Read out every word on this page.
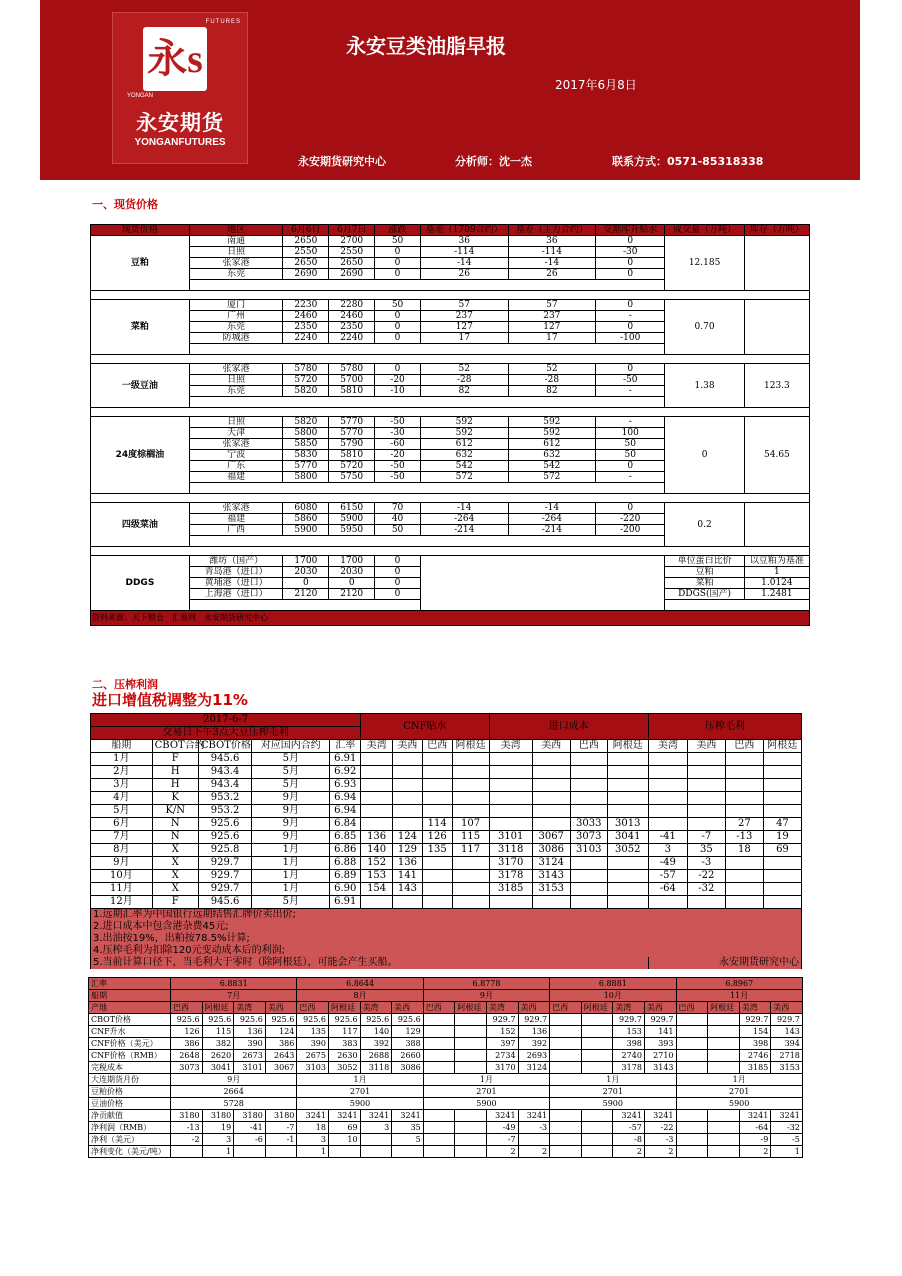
FUTURES
永s
YONGAN
永安期货
YONGANFUTURES
永安豆类油脂早报
2017年6月8日
永安期货研究中心	分析师：沈一杰	联系方式：0571-85318338
一、现货价格
现货价格	地区	6月6日	6月7日	涨跌	基差（1709合约）	基差（主力合约）	交割库升贴水	成交量（万吨）	库存（万吨）
豆粕	南通	2650	2700	50	36	36	0	12.185	
	日照	2550	2550	0	-114	-114	-30		
	张家港	2650	2650	0	-14	-14	0		
	东莞	2690	2690	0	26	26	0		

菜粕	厦门	2230	2280	50	57	57	0	0.70	
	广州	2460	2460	0	237	237	-		
	东莞	2350	2350	0	127	127	0		
	防城港	2240	2240	0	17	17	-100		

一级豆油	张家港	5780	5780	0	52	52	0	1.38	123.3
	日照	5720	5700	-20	-28	-28	-50		
	东莞	5820	5810	-10	82	82	-		

24度棕榈油	日照	5820	5770	-50	592	592	-	0	54.65
	天津	5800	5770	-30	592	592	100		
	张家港	5850	5790	-60	612	612	50		
	宁波	5830	5810	-20	632	632	50		
	广东	5770	5720	-50	542	542	0		
	福建	5800	5750	-50	572	572	-		

四级菜油	张家港	6080	6150	70	-14	-14	0	0.2	
	福建	5860	5900	40	-264	-264	-220		
	广西	5900	5950	50	-214	-214	-200		

DDGS	潍坊（国产）	1700	1700	0				单位蛋白比价	以豆粕为基准
	青岛港（进口）	2030	2030	0				豆粕	1
	黄埔港（进口）	0	0	0				菜粕	1.0124
	上海港（进口）	2120	2120	0				DDGS(国产)	1.2481

资料来源：天下粮仓　汇易网　永安期货研究中心									
二、压榨利润
进口增值税调整为11%
2017-6-7					CNF贴水				进口成本				压榨毛利			
交易日下午3点大豆压榨毛利																
船期	CBOT合约	CBOT价格	对应国内合约	汇率	美湾	美西	巴西	阿根廷	美湾	美西	巴西	阿根廷	美湾	美西	巴西	阿根廷
1月	F	945.6	5月	6.91												
2月	H	943.4	5月	6.92												
3月	H	943.4	5月	6.93												
4月	K	953.2	9月	6.94												
5月	K/N	953.2	9月	6.94												
6月	N	925.6	9月	6.84			114	107			3033	3013			27	47
7月	N	925.6	9月	6.85	136	124	126	115	3101	3067	3073	3041	-41	-7	-13	19
8月	X	925.8	1月	6.86	140	129	135	117	3118	3086	3103	3052	3	35	18	69
9月	X	929.7	1月	6.88	152	136			3170	3124			-49	-3		
10月	X	929.7	1月	6.89	153	141			3178	3143			-57	-22		
11月	X	929.7	1月	6.90	154	143			3185	3153			-64	-32		
12月	F	945.6	5月	6.91												
1.远期汇率为中国银行远期结售汇牌价卖出价;																
2.进口成本中包含港杂费45元;																
3.出油按19%，出粕按78.5%计算;																
4.压榨毛利为扣除120元变动成本后的利润;																
5.当前计算口径下，当毛利大于零时（除阿根廷），可能会产生买船。													永安期货研究中心			
汇率	6.8831				6.8644				6.8778				6.8881				6.8967			
船期	7月				8月				9月				10月				11月			
产地	巴西	阿根廷	美湾	美西	巴西	阿根廷	美湾	美西	巴西	阿根廷	美湾	美西	巴西	阿根廷	美湾	美西	巴西	阿根廷	美湾	美西
CBOT价格	925.6	925.6	925.6	925.6	925.6	925.6	925.6	925.6			929.7	929.7			929.7	929.7			929.7	929.7
CNF升水	126	115	136	124	135	117	140	129			152	136			153	141			154	143
CNF价格（美元）	386	382	390	386	390	383	392	388			397	392			398	393			398	394
CNF价格（RMB）	2648	2620	2673	2643	2675	2630	2688	2660			2734	2693			2740	2710			2746	2718
完税成本	3073	3041	3101	3067	3103	3052	3118	3086			3170	3124			3178	3143			3185	3153
大连期货月份	9月				1月				1月				1月				1月			
豆粕价格	2664				2701				2701				2701				2701			
豆油价格	5728				5900				5900				5900				5900			
净贡献值	3180	3180	3180	3180	3241	3241	3241	3241			3241	3241			3241	3241			3241	3241
净利润（RMB）	-13	19	-41	-7	18	69	3	35			-49	-3			-57	-22			-64	-32
净利（美元）	-2	3	-6	-1	3	10		5			-7				-8	-3			-9	-5
净利变化（美元/吨）		1			1						2	2			2	2			2	1
